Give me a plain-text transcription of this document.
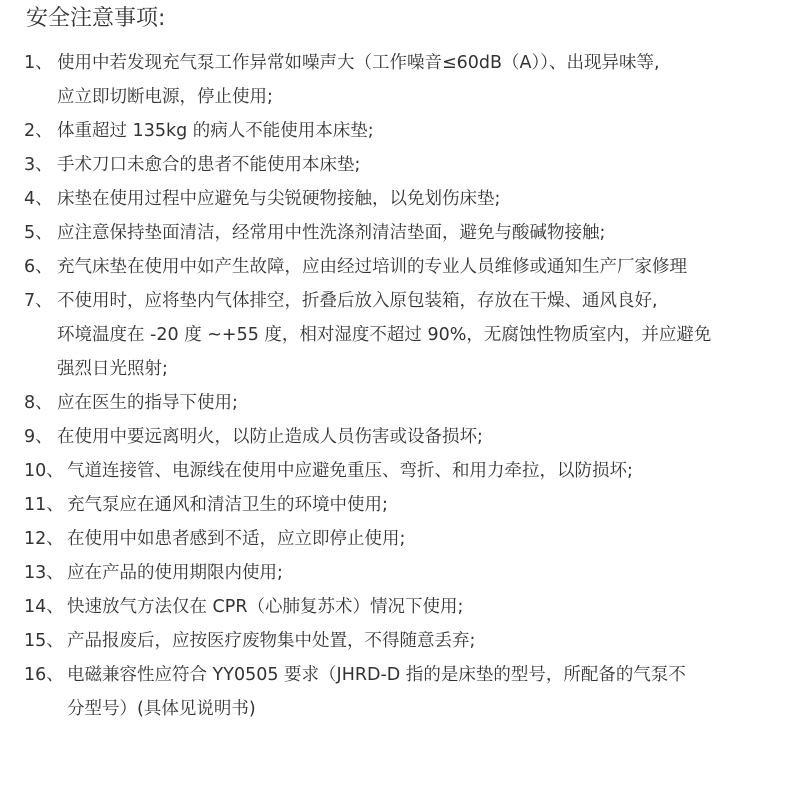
安全注意事项:
1、 使用中若发现充气泵工作异常如噪声大（工作噪音≤60dB（A））、出现异味等,
应立即切断电源，停止使用;
2、 体重超过 135kg 的病人不能使用本床垫;
3、 手术刀口未愈合的患者不能使用本床垫;
4、 床垫在使用过程中应避免与尖锐硬物接触，以免划伤床垫;
5、 应注意保持垫面清洁，经常用中性洗涤剂清洁垫面，避免与酸碱物接触;
6、 充气床垫在使用中如产生故障，应由经过培训的专业人员维修或通知生产厂家修理
7、 不使用时，应将垫内气体排空，折叠后放入原包装箱，存放在干燥、通风良好,
环境温度在 -20 度 ~+55 度，相对湿度不超过 90%，无腐蚀性物质室内，并应避免
强烈日光照射;
8、 应在医生的指导下使用;
9、 在使用中要远离明火，以防止造成人员伤害或设备损坏;
10、 气道连接管、电源线在使用中应避免重压、弯折、和用力牵拉，以防损坏;
11、 充气泵应在通风和清洁卫生的环境中使用;
12、 在使用中如患者感到不适，应立即停止使用;
13、 应在产品的使用期限内使用;
14、 快速放气方法仅在 CPR（心肺复苏术）情况下使用;
15、 产品报废后，应按医疗废物集中处置，不得随意丢弃;
16、 电磁兼容性应符合 YY0505 要求（JHRD-D 指的是床垫的型号，所配备的气泵不
分型号）(具体见说明书)
